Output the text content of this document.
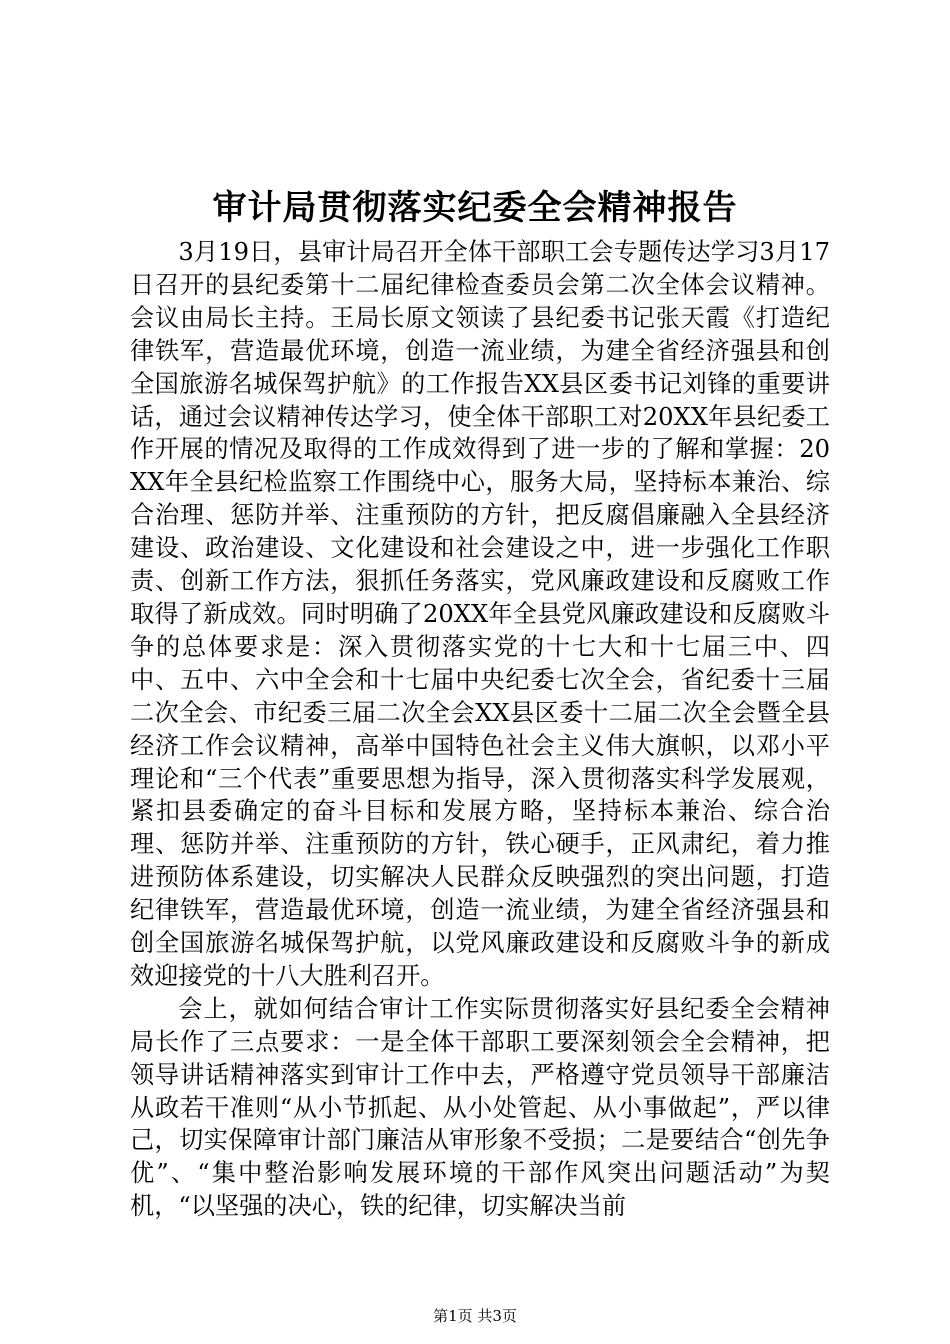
审计局贯彻落实纪委全会精神报告

3月19日，县审计局召开全体干部职工会专题传达学习3月17日召开的县纪委第十二届纪律检查委员会第二次全体会议精神。会议由局长主持。王局长原文领读了县纪委书记张天霞《打造纪律铁军，营造最优环境，创造一流业绩，为建全省经济强县和创全国旅游名城保驾护航》的工作报告XX县区委书记刘锋的重要讲话，通过会议精神传达学习，使全体干部职工对20XX年县纪委工作开展的情况及取得的工作成效得到了进一步的了解和掌握：20XX年全县纪检监察工作围绕中心，服务大局，坚持标本兼治、综合治理、惩防并举、注重预防的方针，把反腐倡廉融入全县经济建设、政治建设、文化建设和社会建设之中，进一步强化工作职责、创新工作方法，狠抓任务落实，党风廉政建设和反腐败工作取得了新成效。同时明确了20XX年全县党风廉政建设和反腐败斗争的总体要求是：深入贯彻落实党的十七大和十七届三中、四中、五中、六中全会和十七届中央纪委七次全会，省纪委十三届二次全会、市纪委三届二次全会XX县区委十二届二次全会暨全县经济工作会议精神，高举中国特色社会主义伟大旗帜，以邓小平理论和“三个代表”重要思想为指导，深入贯彻落实科学发展观，紧扣县委确定的奋斗目标和发展方略，坚持标本兼治、综合治理、惩防并举、注重预防的方针，铁心硬手，正风肃纪，着力推进预防体系建设，切实解决人民群众反映强烈的突出问题，打造纪律铁军，营造最优环境，创造一流业绩，为建全省经济强县和创全国旅游名城保驾护航，以党风廉政建设和反腐败斗争的新成效迎接党的十八大胜利召开。

会上，就如何结合审计工作实际贯彻落实好县纪委全会精神局长作了三点要求：一是全体干部职工要深刻领会全会精神，把领导讲话精神落实到审计工作中去，严格遵守党员领导干部廉洁从政若干准则“从小节抓起、从小处管起、从小事做起”，严以律己，切实保障审计部门廉洁从审形象不受损；二是要结合“创先争优”、“集中整治影响发展环境的干部作风突出问题活动”为契机，“以坚强的决心，铁的纪律，切实解决当前

第1页 共3页
